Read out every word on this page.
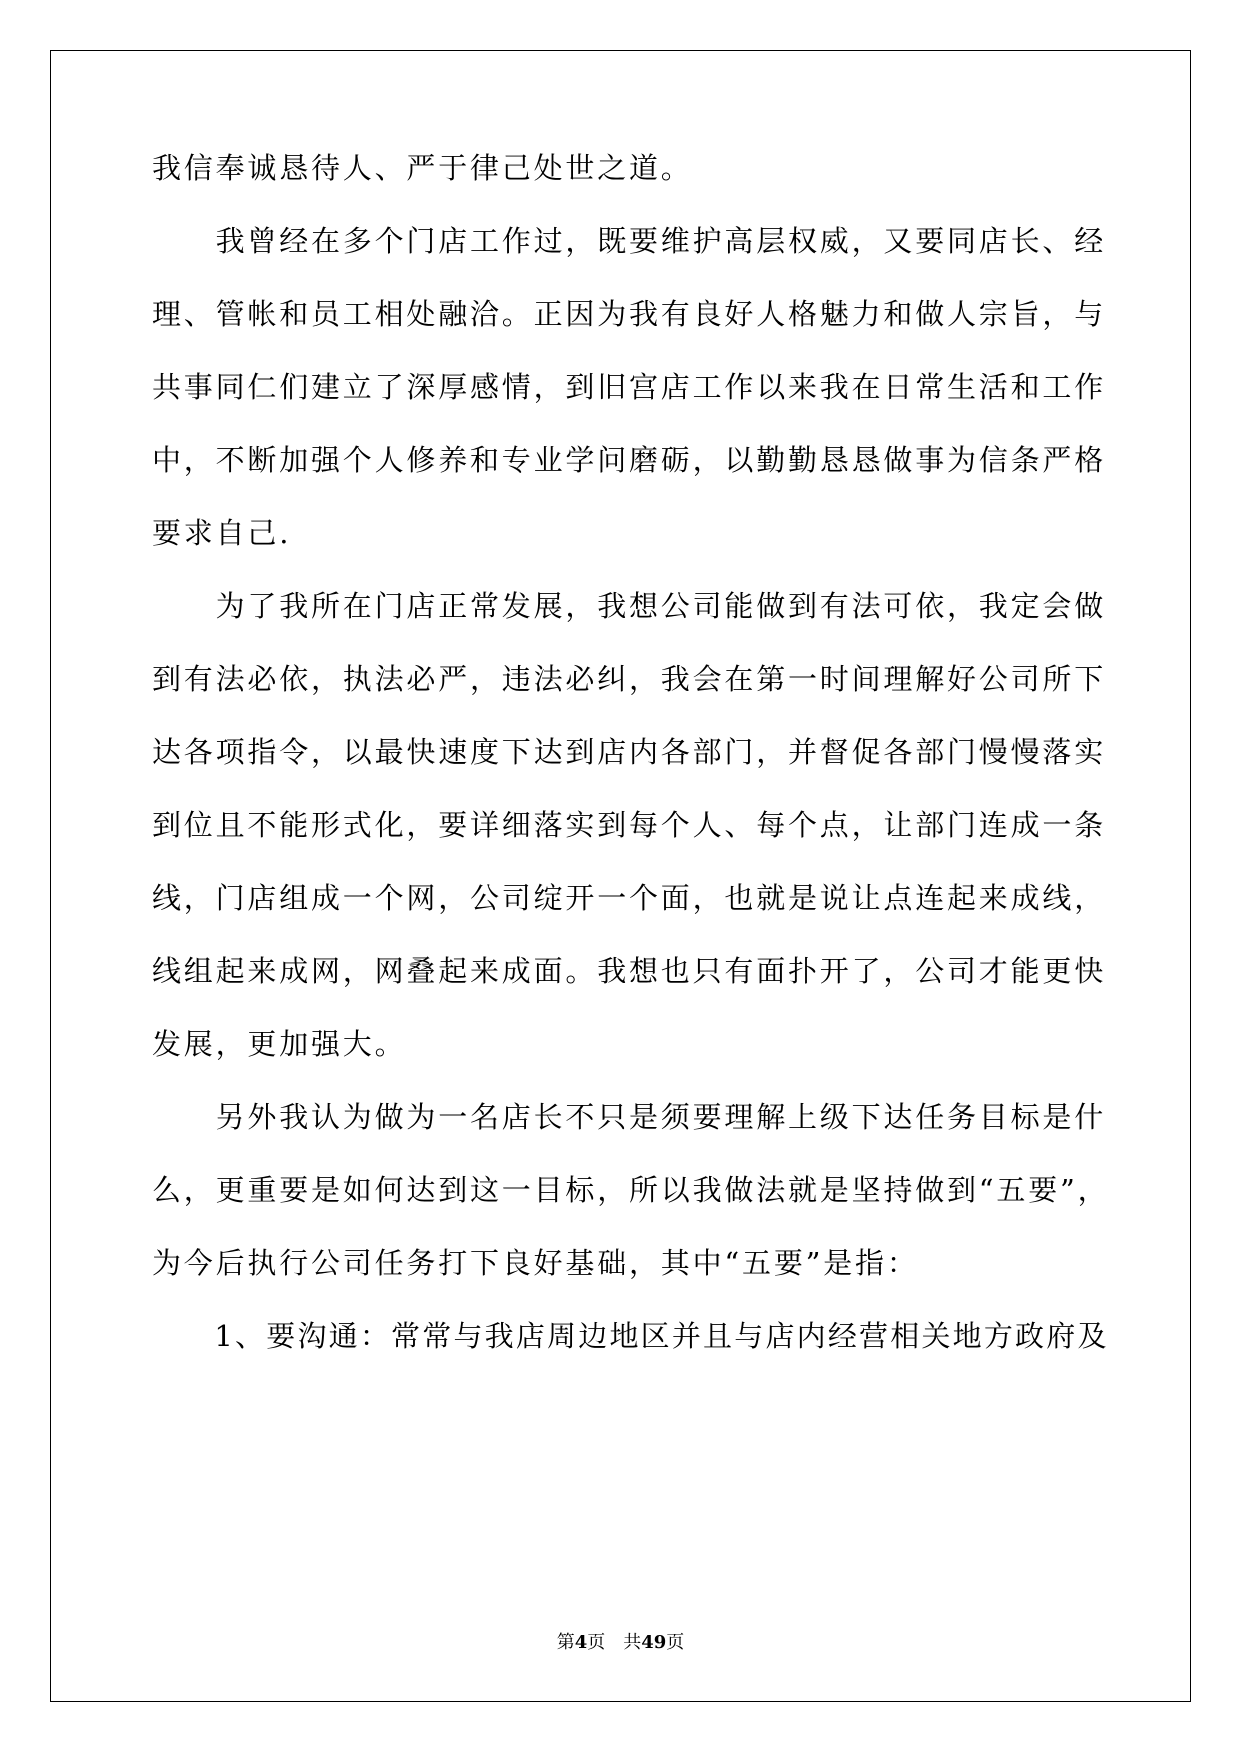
我信奉诚恳待人、严于律己处世之道。
　　我曾经在多个门店工作过，既要维护高层权威，又要同店长、经
理、管帐和员工相处融洽。正因为我有良好人格魅力和做人宗旨，与
共事同仁们建立了深厚感情，到旧宫店工作以来我在日常生活和工作
中，不断加强个人修养和专业学问磨砺，以勤勤恳恳做事为信条严格
要求自己.
　　为了我所在门店正常发展，我想公司能做到有法可依，我定会做
到有法必依，执法必严，违法必纠，我会在第一时间理解好公司所下
达各项指令，以最快速度下达到店内各部门，并督促各部门慢慢落实
到位且不能形式化，要详细落实到每个人、每个点，让部门连成一条
线，门店组成一个网，公司绽开一个面，也就是说让点连起来成线，
线组起来成网，网叠起来成面。我想也只有面扑开了，公司才能更快
发展，更加强大。
　　另外我认为做为一名店长不只是须要理解上级下达任务目标是什
么，更重要是如何达到这一目标，所以我做法就是坚持做到“五要”，
为今后执行公司任务打下良好基础，其中“五要”是指：
　　1、要沟通：常常与我店周边地区并且与店内经营相关地方政府及
第4页　共49页
